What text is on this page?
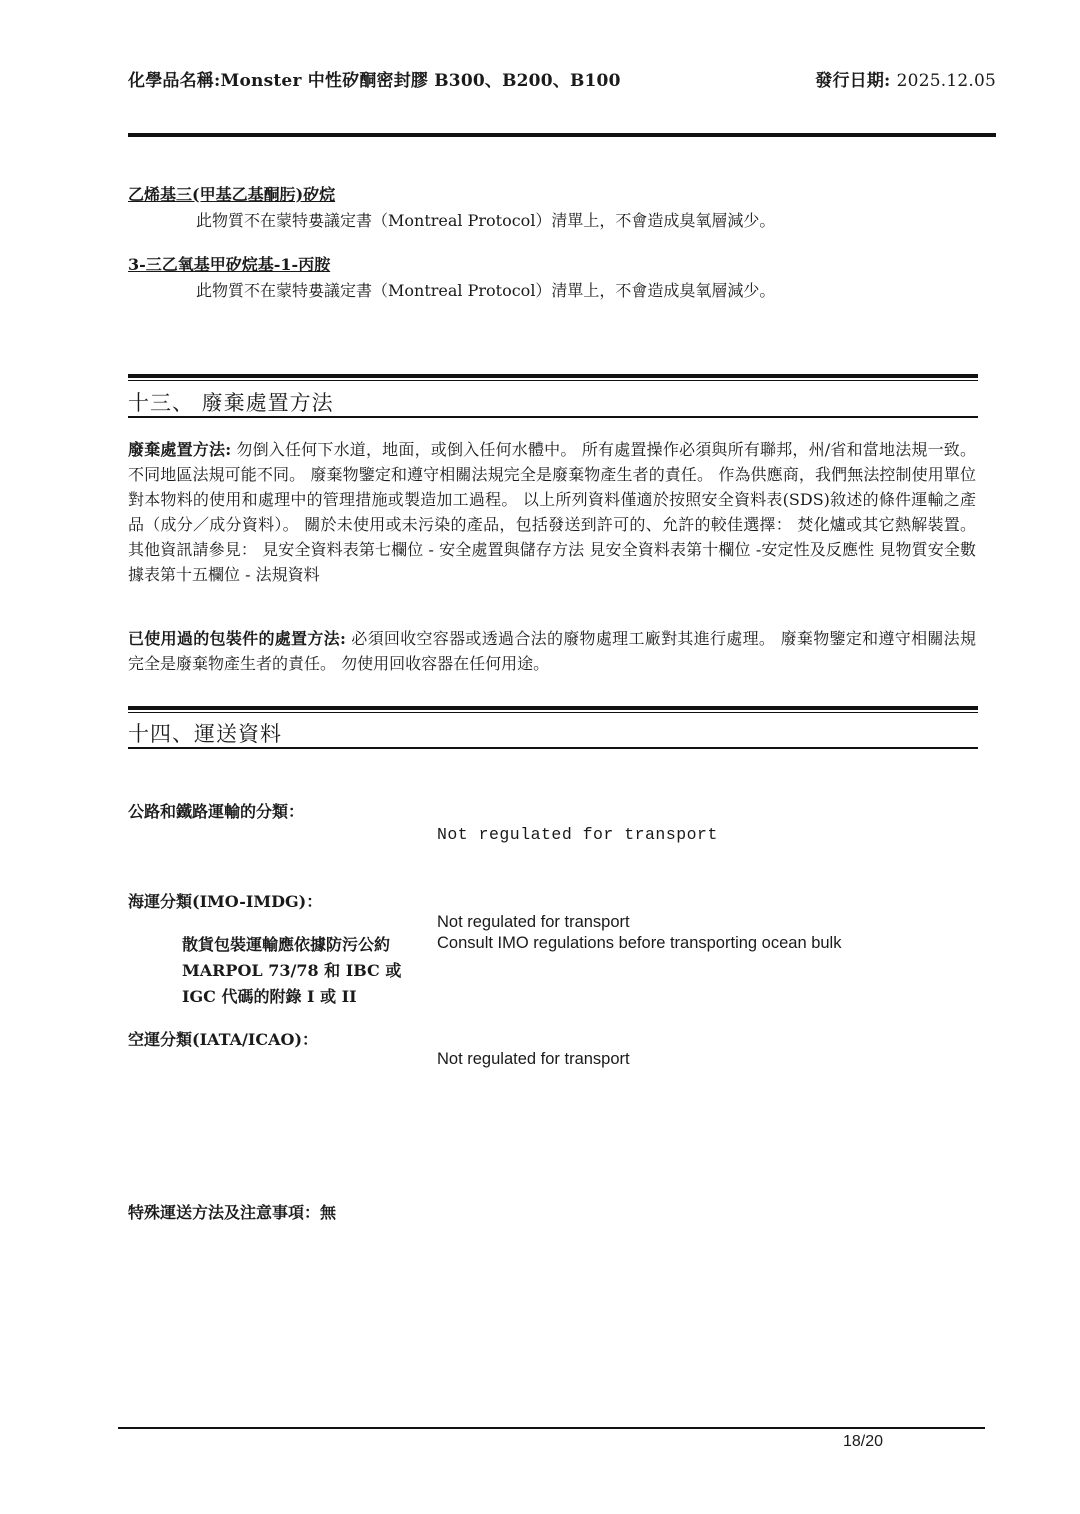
化學品名稱:Monster 中性矽酮密封膠 B300、B200、B100	發行日期: 2025.12.05
乙烯基三(甲基乙基酮肟)矽烷
此物質不在蒙特婁議定書（Montreal Protocol）清單上，不會造成臭氧層減少。
3-三乙氧基甲矽烷基-1-丙胺
此物質不在蒙特婁議定書（Montreal Protocol）清單上，不會造成臭氧層減少。
十三、 廢棄處置方法
廢棄處置方法: 勿倒入任何下水道，地面，或倒入任何水體中。 所有處置操作必須與所有聯邦，州/省和當地法規一致。 不同地區法規可能不同。 廢棄物鑒定和遵守相關法規完全是廢棄物產生者的責任。 作為供應商，我們無法控制使用單位對本物料的使用和處理中的管理措施或製造加工過程。 以上所列資料僅適於按照安全資料表(SDS)敘述的條件運輸之產品（成分／成分資料）。 關於未使用或未污染的產品，包括發送到許可的、允許的較佳選擇： 焚化爐或其它熱解裝置。 其他資訊請參見： 見安全資料表第七欄位 - 安全處置與儲存方法 見安全資料表第十欄位 -安定性及反應性 見物質安全數據表第十五欄位 - 法規資料
已使用過的包裝件的處置方法: 必須回收空容器或透過合法的廢物處理工廠對其進行處理。 廢棄物鑒定和遵守相關法規完全是廢棄物產生者的責任。 勿使用回收容器在任何用途。
十四、運送資料
公路和鐵路運輸的分類：
Not regulated for transport
海運分類(IMO-IMDG)：
Not regulated for transport
散貨包裝運輸應依據防污公約 MARPOL 73/78 和 IBC 或 IGC 代碼的附錄 I 或 II
Consult IMO regulations before transporting ocean bulk
空運分類(IATA/ICAO)：
Not regulated for transport
特殊運送方法及注意事項：無
18/20
